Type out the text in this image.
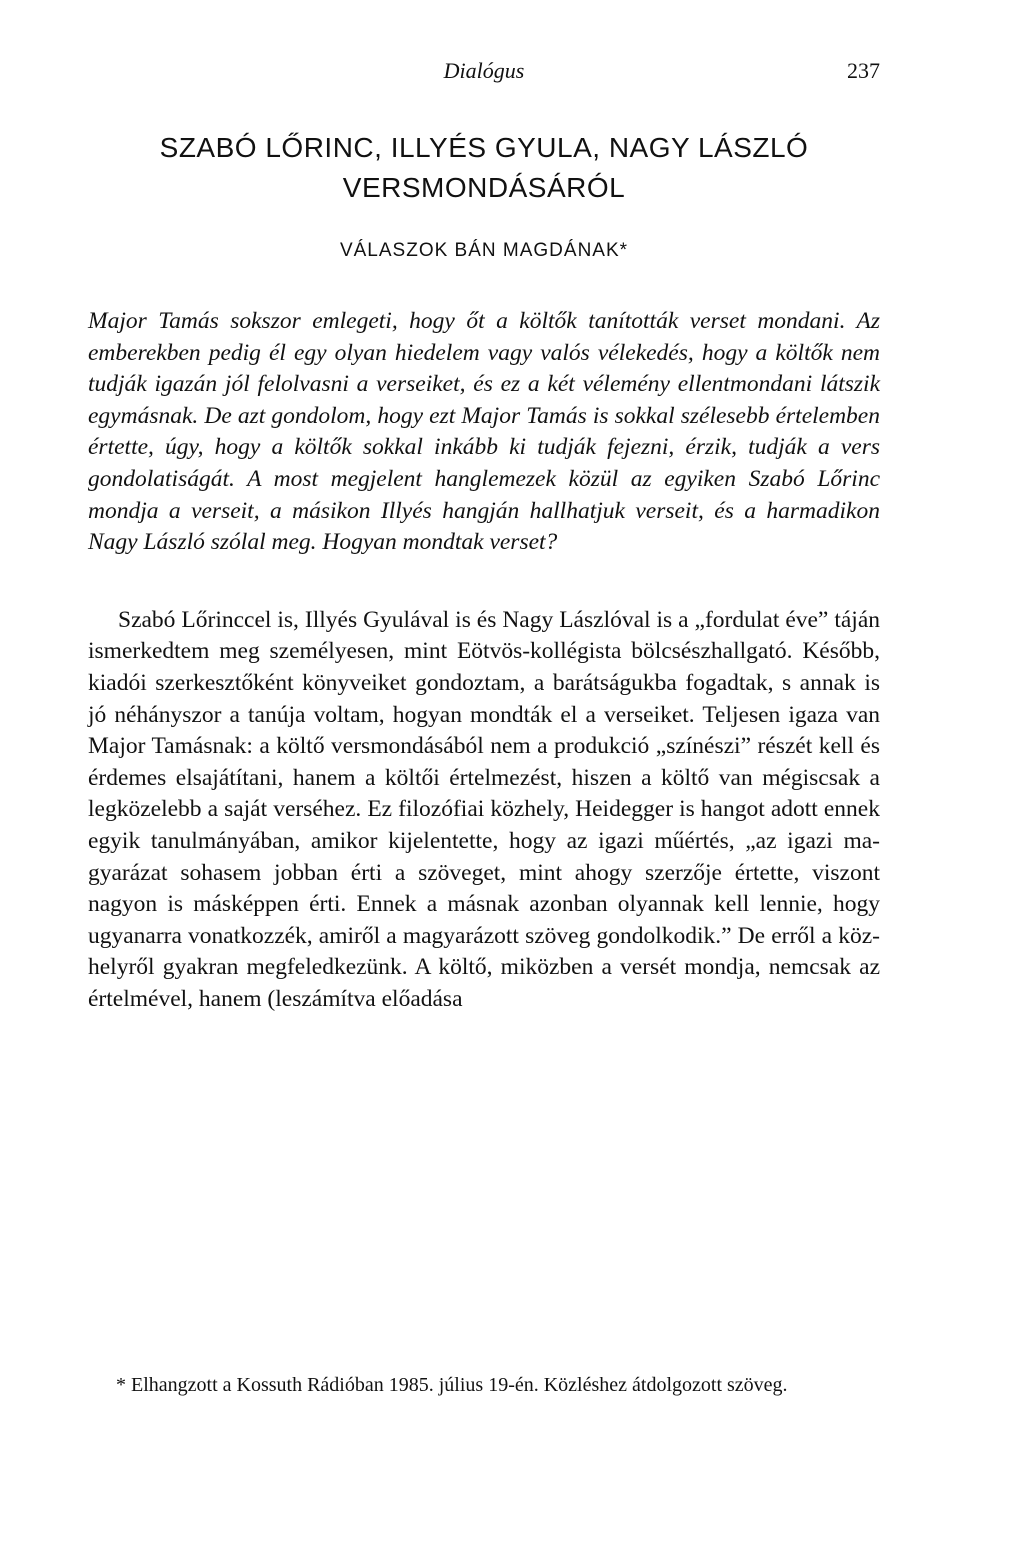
Dialógus	237
SZABÓ LŐRINC, ILLYÉS GYULA, NAGY LÁSZLÓ VERSMONDÁSÁRÓL
VÁLASZOK BÁN MAGDÁNAK*

Major Tamás sokszor emlegeti, hogy őt a költők tanították verset mondani. Az emberekben pedig él egy olyan hiedelem vagy valós vélekedés, hogy a költők nem tudják igazán jól felolvasni a verseiket, és ez a két vélemény ellentmondani látszik egymásnak. De azt gondolom, hogy ezt Major Tamás is sokkal szélesebb értelemben értette, úgy, hogy a költők sokkal inkább ki tudják fejezni, érzik, tudják a vers gondolatiságát. A most megjelent hanglemezek közül az egyiken Szabó Lőrinc mondja a verseit, a másikon Illyés hangján hallhatjuk verseit, és a harmadikon Nagy László szólal meg. Hogyan mondtak verset?

Szabó Lőrinccel is, Illyés Gyulával is és Nagy Lászlóval is a „fordulat éve” táján ismerkedtem meg személyesen, mint Eötvös-kollégista bölcsészhallgató. Később, kiadói szerkesztőként könyveiket gondoztam, a barátságukba fogadtak, s annak is jó néhányszor a tanúja voltam, hogyan mondták el a verseiket. Teljesen igaza van Major Tamásnak: a költő versmondásából nem a produkció „színészi” részét kell és érdemes elsajátítani, hanem a költői értelmezést, hiszen a költő van mégiscsak a legközelebb a saját verséhez. Ez filozófiai közhely, Heidegger is hangot adott ennek egyik tanulmányában, amikor kijelentette, hogy az igazi műértés, „az igazi magyarázat sohasem jobban érti a szöveget, mint ahogy szerzője értette, viszont nagyon is másképpen érti. Ennek a másnak azonban olyannak kell lennie, hogy ugyanarra vonatkozzék, amiről a magyarázott szöveg gondolkodik.” De erről a közhelyről gyakran megfeledkezünk. A költő, miközben a versét mondja, nemcsak az értelmével, hanem (leszámítva előadása

* Elhangzott a Kossuth Rádióban 1985. július 19-én. Közléshez átdolgozott szöveg.
